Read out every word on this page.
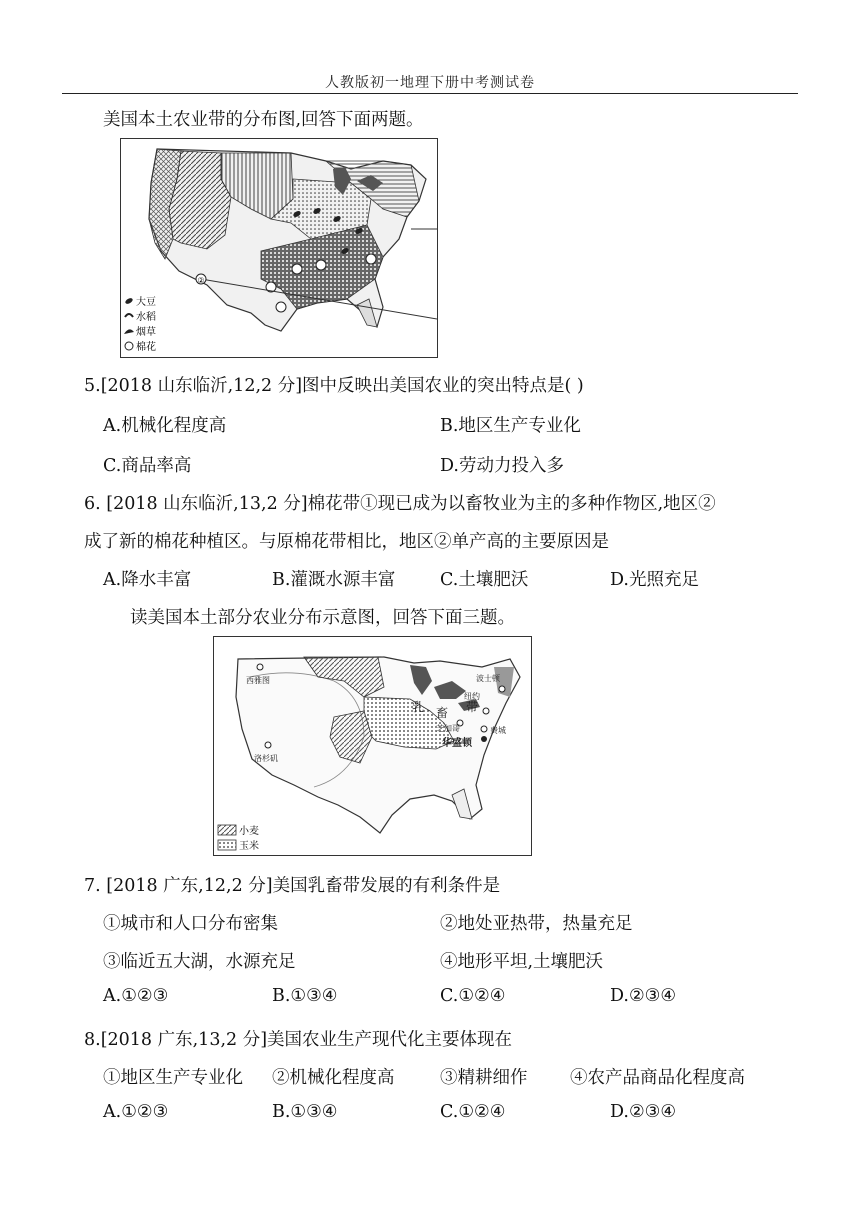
人教版初一地理下册中考测试卷
美国本土农业带的分布图,回答下面两题。
②
大豆
水稻
烟草
棉花
5.[2018 山东临沂,12,2 分]图中反映出美国农业的突出特点是( )
A.机械化程度高	B.地区生产专业化
C.商品率高	D.劳动力投入多
6. [2018 山东临沂,13,2 分]棉花带①现已成为以畜牧业为主的多种作物区,地区②
成了新的棉花种植区。与原棉花带相比，地区②单产高的主要原因是
A.降水丰富	B.灌溉水源丰富	C.土壤肥沃	D.光照充足
读美国本土部分农业分布示意图，回答下面三题。
西雅图
洛杉矶
波士顿
纽约
费城
芝加哥
华盛顿
乳 畜 带
小麦
玉米
7. [2018 广东,12,2 分]美国乳畜带发展的有利条件是
①城市和人口分布密集	②地处亚热带，热量充足
③临近五大湖，水源充足	④地形平坦,土壤肥沃
A.①②③	B.①③④	C.①②④	D.②③④
8.[2018 广东,13,2 分]美国农业生产现代化主要体现在
①地区生产专业化 ②机械化程度高	③精耕细作 ④农产品商品化程度高
A.①②③	B.①③④	C.①②④	D.②③④
